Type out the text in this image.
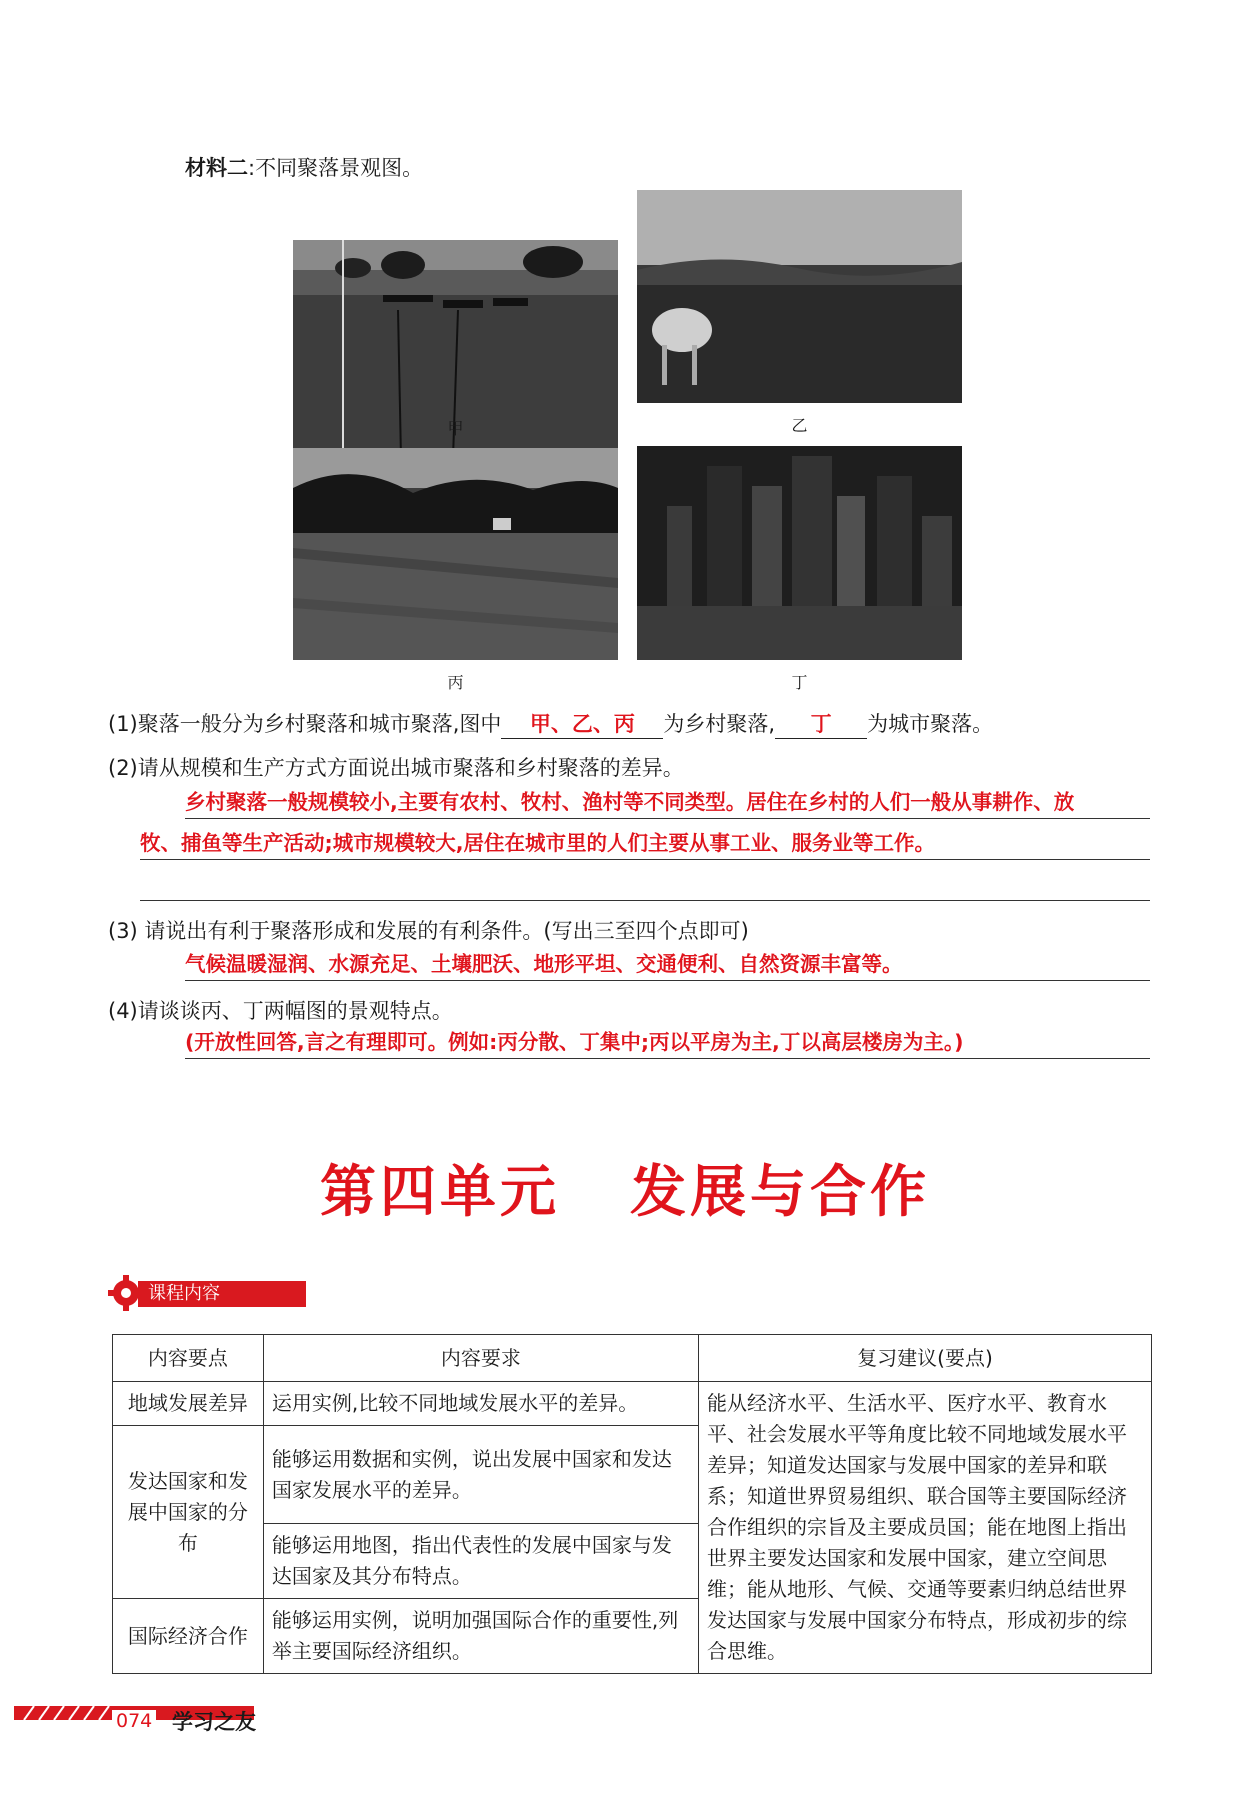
材料二:不同聚落景观图。
甲	乙
丙	丁
(1)聚落一般分为乡村聚落和城市聚落,图中 甲、乙、丙 为乡村聚落, 丁 为城市聚落。
(2)请从规模和生产方式方面说出城市聚落和乡村聚落的差异。
乡村聚落一般规模较小,主要有农村、牧村、渔村等不同类型。居住在乡村的人们一般从事耕作、放
牧、捕鱼等生产活动;城市规模较大,居住在城市里的人们主要从事工业、服务业等工作。
(3) 请说出有利于聚落形成和发展的有利条件。(写出三至四个点即可)
气候温暖湿润、水源充足、土壤肥沃、地形平坦、交通便利、自然资源丰富等。
(4)请谈谈丙、丁两幅图的景观特点。
(开放性回答,言之有理即可。例如:丙分散、丁集中;丙以平房为主,丁以高层楼房为主。)
第四单元 发展与合作
课程内容
内容要点	内容要求	复习建议(要点)
地域发展差异	运用实例,比较不同地域发展水平的差异。	能从经济水平、生活水平、医疗水平、教育水平、社会发展水平等角度比较不同地域发展水平差异；知道发达国家与发展中国家的差异和联系；知道世界贸易组织、联合国等主要国际经济合作组织的宗旨及主要成员国；能在地图上指出世界主要发达国家和发展中国家，建立空间思维；能从地形、气候、交通等要素归纳总结世界发达国家与发展中国家分布特点，形成初步的综合思维。
发达国家和发展中国家的分布	能够运用数据和实例，说出发展中国家和发达国家发展水平的差异。	
	能够运用地图，指出代表性的发展中国家与发达国家及其分布特点。	
国际经济合作	能够运用实例，说明加强国际合作的重要性,列举主要国际经济组织。	
074 学习之友
